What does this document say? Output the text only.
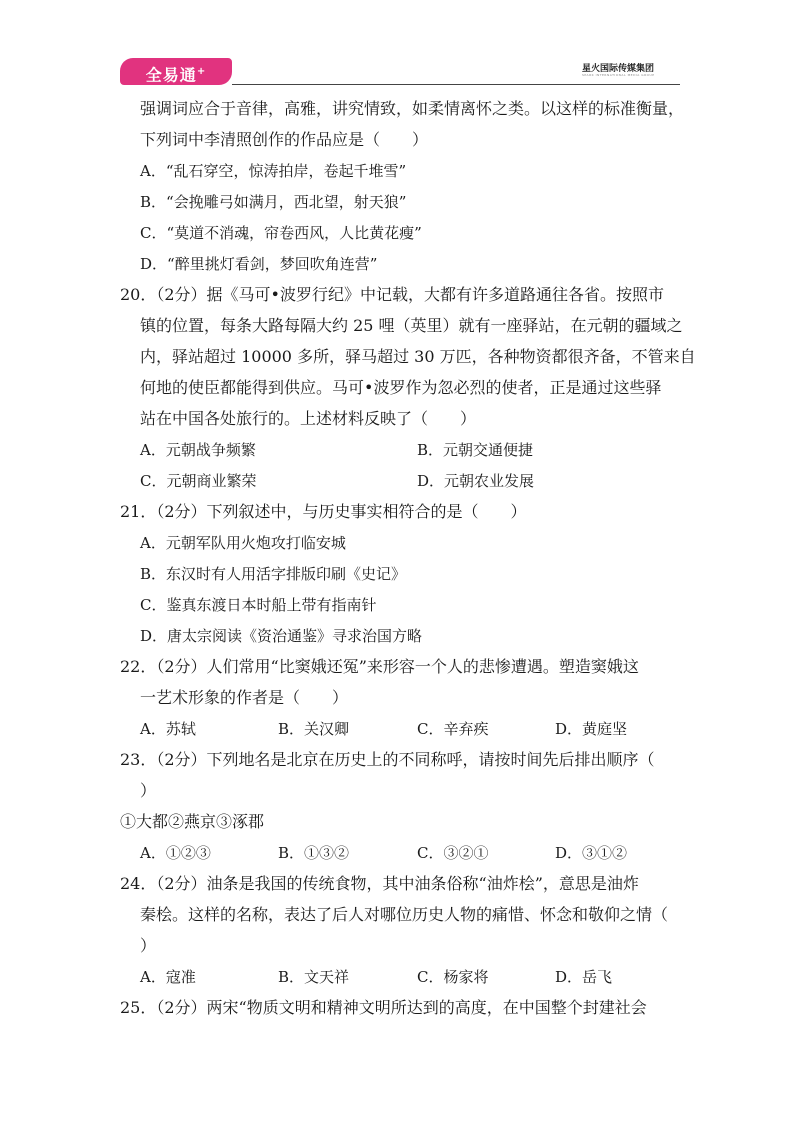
全易通+	星火国际传媒集团
SPARK INTERNATIONAL MEDIA GROUP
强调词应合于音律，高雅，讲究情致，如柔情离怀之类。以这样的标准衡量，
下列词中李清照创作的作品应是（　　）
A．“乱石穿空，惊涛拍岸，卷起千堆雪”
B．“会挽雕弓如满月，西北望，射天狼”
C．“莫道不消魂，帘卷西风，人比黄花瘦”
D．“醉里挑灯看剑，梦回吹角连营”
20．（2分）据《马可•波罗行纪》中记载，大都有许多道路通往各省。按照市
镇的位置，每条大路每隔大约 25 哩（英里）就有一座驿站，在元朝的疆域之
内，驿站超过 10000 多所，驿马超过 30 万匹，各种物资都很齐备，不管来自
何地的使臣都能得到供应。马可•波罗作为忽必烈的使者，正是通过这些驿
站在中国各处旅行的。上述材料反映了（　　）
A．元朝战争频繁	B．元朝交通便捷
C．元朝商业繁荣	D．元朝农业发展
21．（2分）下列叙述中，与历史事实相符合的是（　　）
A．元朝军队用火炮攻打临安城
B．东汉时有人用活字排版印刷《史记》
C．鉴真东渡日本时船上带有指南针
D．唐太宗阅读《资治通鉴》寻求治国方略
22．（2分）人们常用“比窦娥还冤”来形容一个人的悲惨遭遇。塑造窦娥这
一艺术形象的作者是（　　）
A．苏轼	B．关汉卿	C．辛弃疾	D．黄庭坚
23．（2分）下列地名是北京在历史上的不同称呼，请按时间先后排出顺序（
）
①大都②燕京③涿郡
A．①②③	B．①③②	C．③②①	D．③①②
24．（2分）油条是我国的传统食物，其中油条俗称“油炸桧”，意思是油炸
秦桧。这样的名称，表达了后人对哪位历史人物的痛惜、怀念和敬仰之情（
）
A．寇准	B．文天祥	C．杨家将	D．岳飞
25．（2分）两宋“物质文明和精神文明所达到的高度，在中国整个封建社会
